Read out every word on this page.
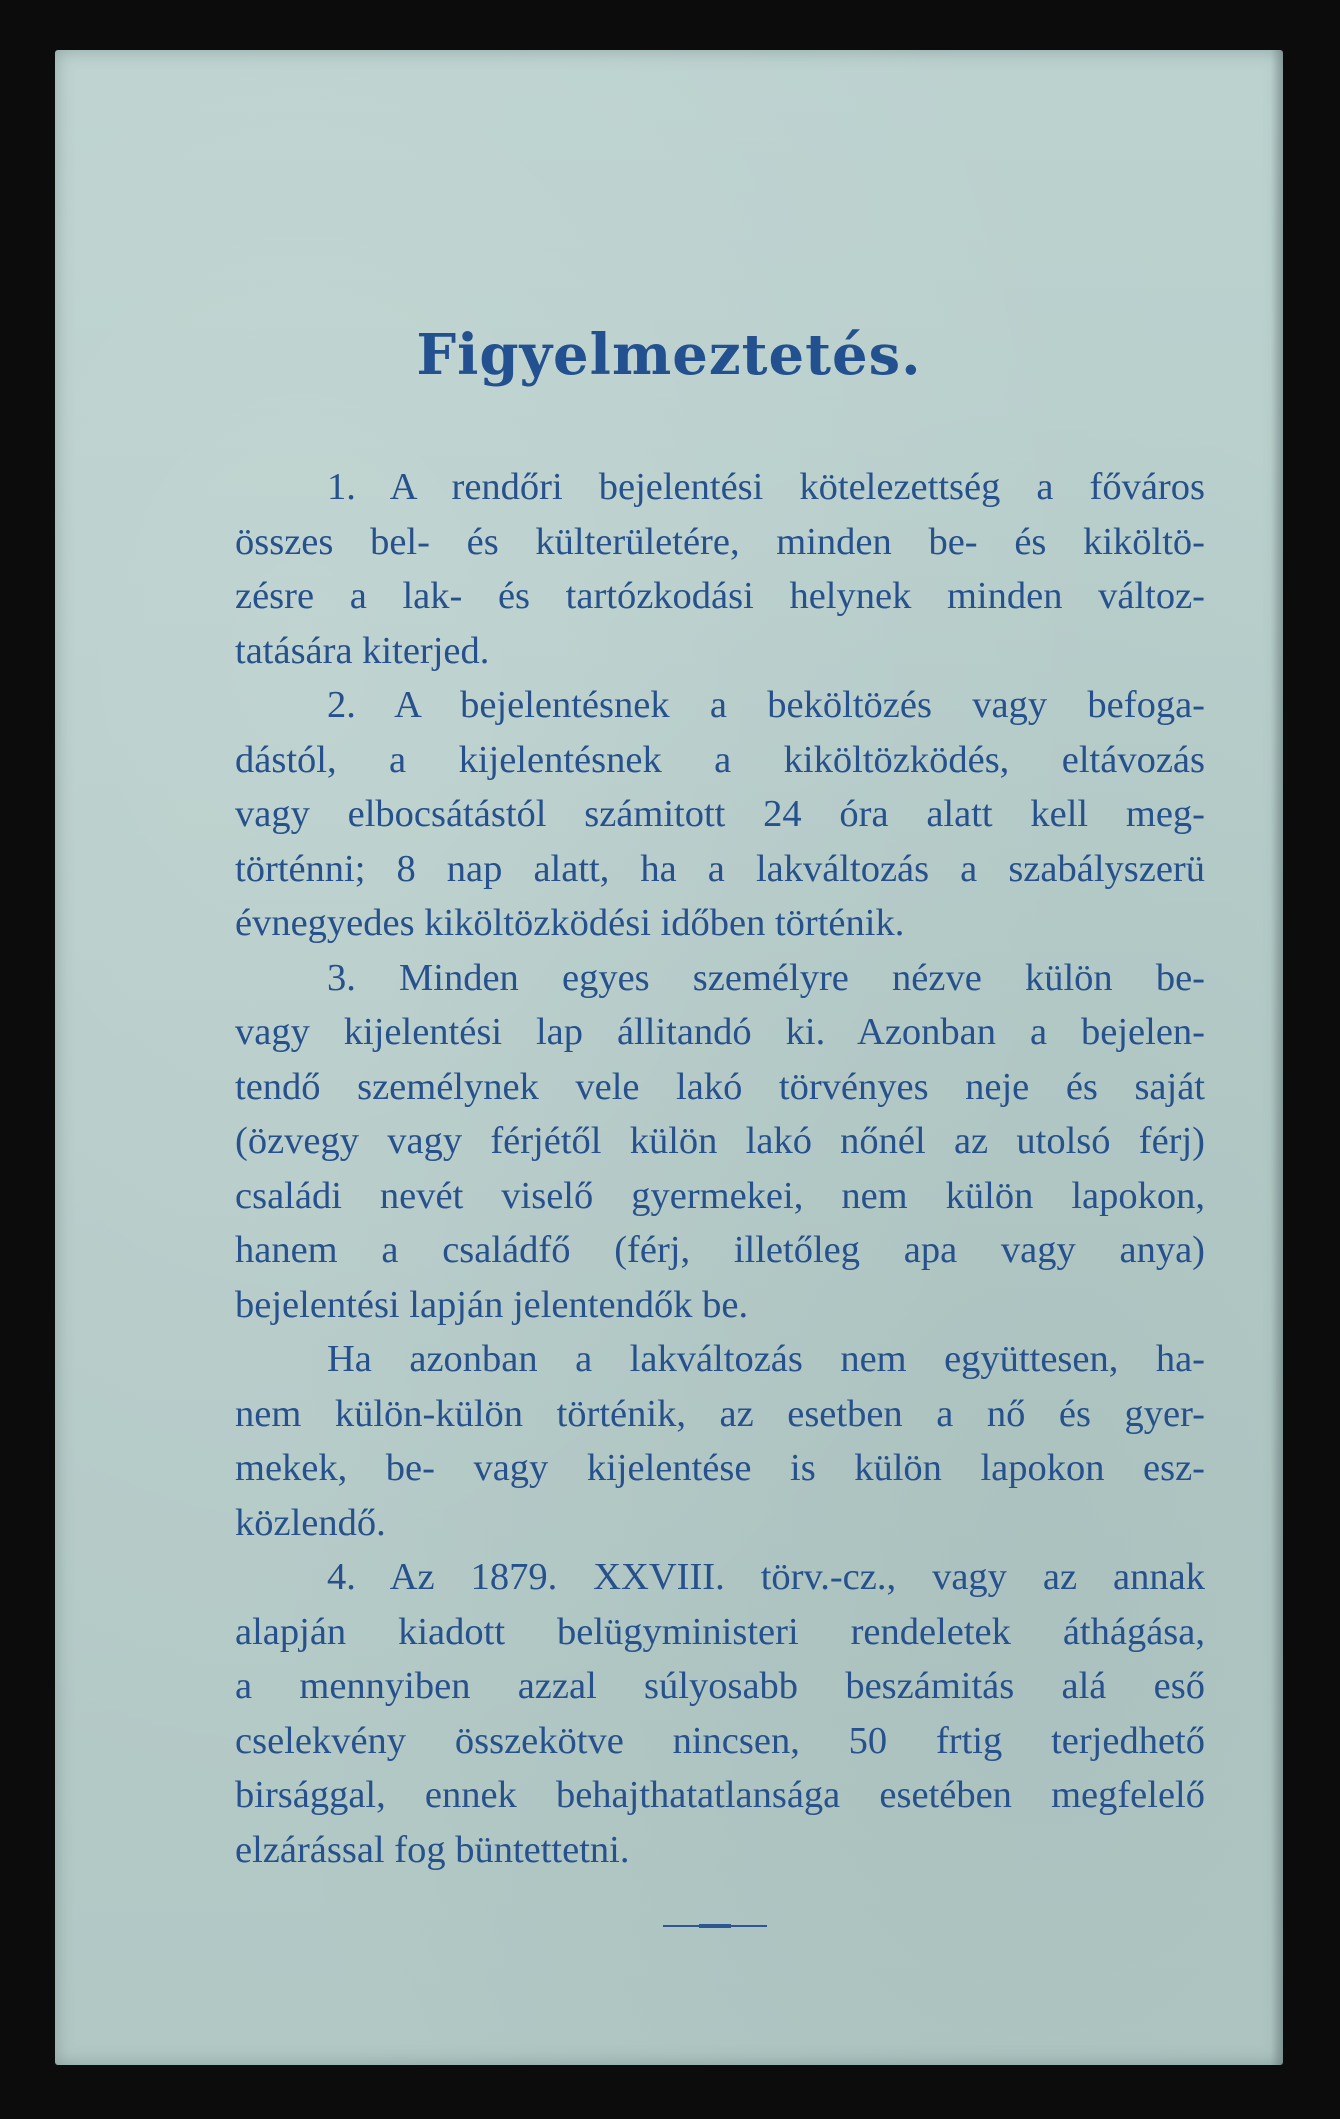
Figyelmeztetés.
1. A rendőri bejelentési kötelezettség a főváros
összes bel- és külterületére, minden be- és kiköltö-
zésre a lak- és tartózkodási helynek minden változ-
tatására kiterjed.
2. A bejelentésnek a beköltözés vagy befoga-
dástól, a kijelentésnek a kiköltözködés, eltávozás
vagy elbocsátástól számitott 24 óra alatt kell meg-
történni; 8 nap alatt, ha a lakváltozás a szabályszerü
évnegyedes kiköltözködési időben történik.
3. Minden egyes személyre nézve külön be-
vagy kijelentési lap állitandó ki. Azonban a bejelen-
tendő személynek vele lakó törvényes neje és saját
(özvegy vagy férjétől külön lakó nőnél az utolsó férj)
családi nevét viselő gyermekei, nem külön lapokon,
hanem a családfő (férj, illetőleg apa vagy anya)
bejelentési lapján jelentendők be.
Ha azonban a lakváltozás nem együttesen, ha-
nem külön-külön történik, az esetben a nő és gyer-
mekek, be- vagy kijelentése is külön lapokon esz-
közlendő.
4. Az 1879. XXVIII. törv.-cz., vagy az annak
alapján kiadott belügyministeri rendeletek áthágása,
a mennyiben azzal súlyosabb beszámitás alá eső
cselekvény összekötve nincsen, 50 frtig terjedhető
birsággal, ennek behajthatatlansága esetében megfelelő
elzárással fog büntettetni.
